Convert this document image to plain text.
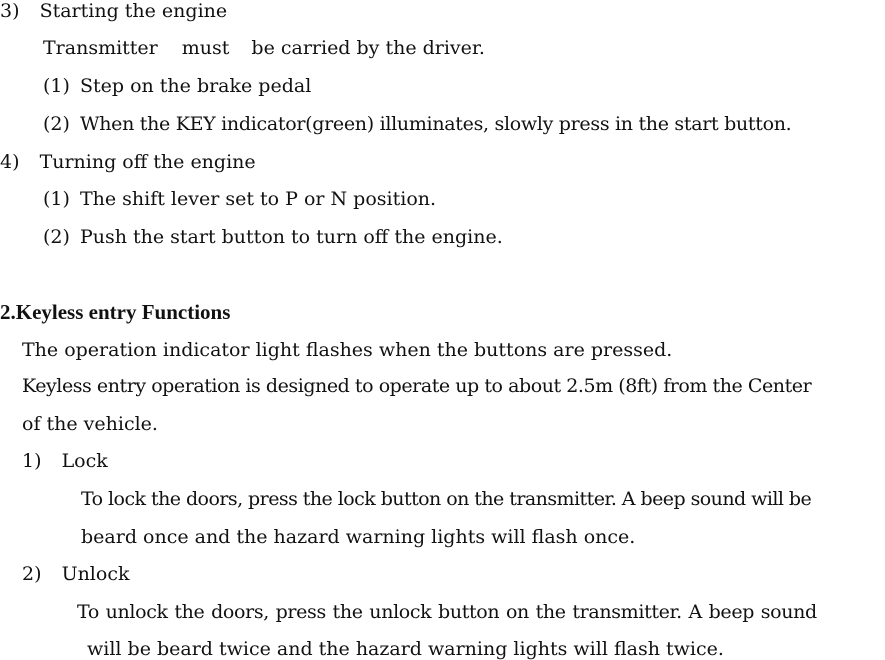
3) Starting the engine
Transmitter must be carried by the driver.
(1) Step on the brake pedal
(2) When the KEY indicator(green) illuminates, slowly press in the start button.
4) Turning off the engine
(1) The shift lever set to P or N position.
(2) Push the start button to turn off the engine.
2.Keyless entry Functions
The operation indicator light flashes when the buttons are pressed.
Keyless entry operation is designed to operate up to about 2.5m (8ft) from the Center
of the vehicle.
1) Lock
To lock the doors, press the lock button on the transmitter. A beep sound will be
beard once and the hazard warning lights will flash once.
2) Unlock
To unlock the doors, press the unlock button on the transmitter. A beep sound
will be beard twice and the hazard warning lights will flash twice.
